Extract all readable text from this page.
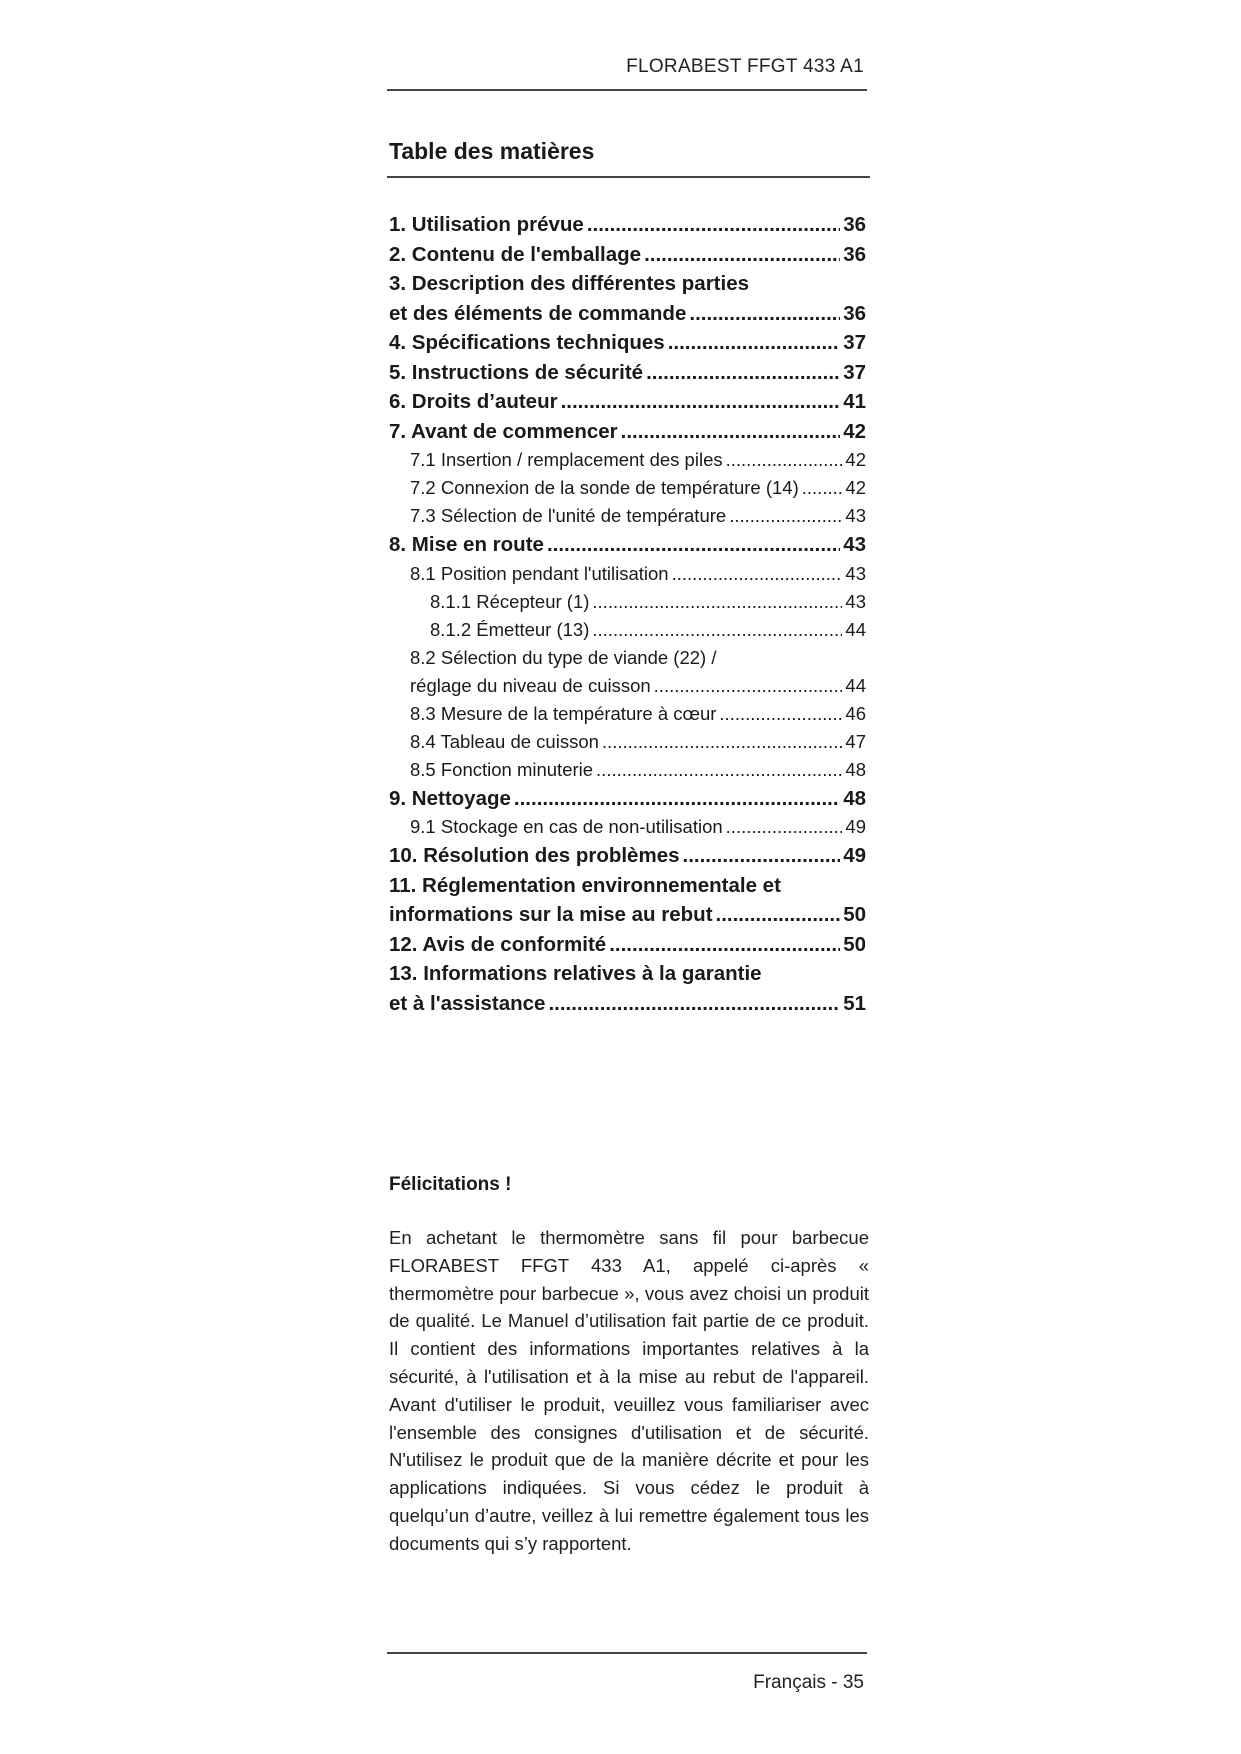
FLORABEST FFGT 433 A1
Table des matières
1. Utilisation prévue .....	36
2. Contenu de l'emballage .....	36
3. Description des différentes parties
et des éléments de commande .....	36
4. Spécifications techniques .....	37
5. Instructions de sécurité .....	37
6. Droits d’auteur .....	41
7. Avant de commencer .....	42
7.1 Insertion / remplacement des piles .....	42
7.2 Connexion de la sonde de température (14) .....	42
7.3 Sélection de l'unité de température .....	43
8. Mise en route .....	43
8.1 Position pendant l'utilisation .....	43
8.1.1 Récepteur (1) .....	43
8.1.2 Émetteur (13) .....	44
8.2 Sélection du type de viande (22) /
réglage du niveau de cuisson .....	44
8.3 Mesure de la température à cœur .....	46
8.4 Tableau de cuisson .....	47
8.5 Fonction minuterie .....	48
9. Nettoyage .....	48
9.1 Stockage en cas de non-utilisation .....	49
10. Résolution des problèmes .....	49
11. Réglementation environnementale et
informations sur la mise au rebut .....	50
12. Avis de conformité .....	50
13. Informations relatives à la garantie
et à l'assistance .....	51
Félicitations !
En achetant le thermomètre sans fil pour barbecue FLORABEST FFGT 433 A1, appelé ci-après « thermomètre pour barbecue », vous avez choisi un produit de qualité. Le Manuel d’utilisation fait partie de ce produit. Il contient des informations importantes relatives à la sécurité, à l'utilisation et à la mise au rebut de l'appareil. Avant d'utiliser le produit, veuillez vous familiariser avec l'ensemble des consignes d'utilisation et de sécurité. N'utilisez le produit que de la manière décrite et pour les applications indiquées. Si vous cédez le produit à quelqu’un d’autre, veillez à lui remettre également tous les documents qui s’y rapportent.
Français - 35
